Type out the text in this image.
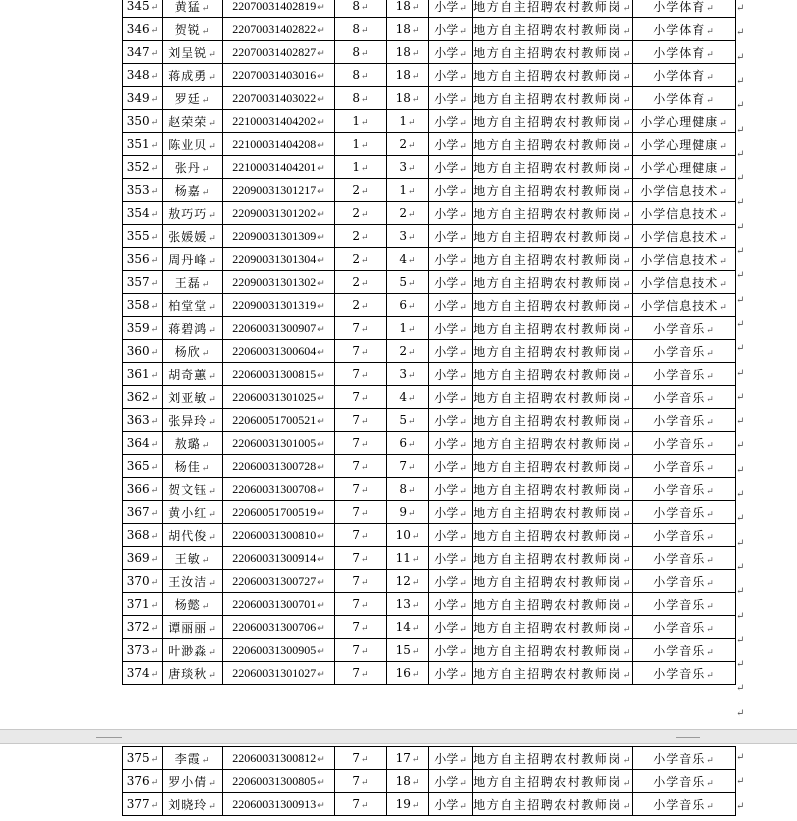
345↵	黄猛↵	22070031402819↵	8↵	18↵	小学↵	地方自主招聘农村教师岗↵	小学体育↵
346↵	贺锐↵	22070031402822↵	8↵	18↵	小学↵	地方自主招聘农村教师岗↵	小学体育↵
347↵	刘呈锐↵	22070031402827↵	8↵	18↵	小学↵	地方自主招聘农村教师岗↵	小学体育↵
348↵	蒋成勇↵	22070031403016↵	8↵	18↵	小学↵	地方自主招聘农村教师岗↵	小学体育↵
349↵	罗廷↵	22070031403022↵	8↵	18↵	小学↵	地方自主招聘农村教师岗↵	小学体育↵
350↵	赵荣荣↵	22100031404202↵	1↵	1↵	小学↵	地方自主招聘农村教师岗↵	小学心理健康↵
351↵	陈业贝↵	22100031404208↵	1↵	2↵	小学↵	地方自主招聘农村教师岗↵	小学心理健康↵
352↵	张丹↵	22100031404201↵	1↵	3↵	小学↵	地方自主招聘农村教师岗↵	小学心理健康↵
353↵	杨嘉↵	22090031301217↵	2↵	1↵	小学↵	地方自主招聘农村教师岗↵	小学信息技术↵
354↵	敖巧巧↵	22090031301202↵	2↵	2↵	小学↵	地方自主招聘农村教师岗↵	小学信息技术↵
355↵	张媛媛↵	22090031301309↵	2↵	3↵	小学↵	地方自主招聘农村教师岗↵	小学信息技术↵
356↵	周丹峰↵	22090031301304↵	2↵	4↵	小学↵	地方自主招聘农村教师岗↵	小学信息技术↵
357↵	王磊↵	22090031301302↵	2↵	5↵	小学↵	地方自主招聘农村教师岗↵	小学信息技术↵
358↵	柏堂堂↵	22090031301319↵	2↵	6↵	小学↵	地方自主招聘农村教师岗↵	小学信息技术↵
359↵	蒋碧鸿↵	22060031300907↵	7↵	1↵	小学↵	地方自主招聘农村教师岗↵	小学音乐↵
360↵	杨欣↵	22060031300604↵	7↵	2↵	小学↵	地方自主招聘农村教师岗↵	小学音乐↵
361↵	胡奇蕙↵	22060031300815↵	7↵	3↵	小学↵	地方自主招聘农村教师岗↵	小学音乐↵
362↵	刘亚敏↵	22060031301025↵	7↵	4↵	小学↵	地方自主招聘农村教师岗↵	小学音乐↵
363↵	张异玲↵	22060051700521↵	7↵	5↵	小学↵	地方自主招聘农村教师岗↵	小学音乐↵
364↵	敖璐↵	22060031301005↵	7↵	6↵	小学↵	地方自主招聘农村教师岗↵	小学音乐↵
365↵	杨佳↵	22060031300728↵	7↵	7↵	小学↵	地方自主招聘农村教师岗↵	小学音乐↵
366↵	贺文钰↵	22060031300708↵	7↵	8↵	小学↵	地方自主招聘农村教师岗↵	小学音乐↵
367↵	黄小红↵	22060051700519↵	7↵	9↵	小学↵	地方自主招聘农村教师岗↵	小学音乐↵
368↵	胡代俊↵	22060031300810↵	7↵	10↵	小学↵	地方自主招聘农村教师岗↵	小学音乐↵
369↵	王敏↵	22060031300914↵	7↵	11↵	小学↵	地方自主招聘农村教师岗↵	小学音乐↵
370↵	王汝洁↵	22060031300727↵	7↵	12↵	小学↵	地方自主招聘农村教师岗↵	小学音乐↵
371↵	杨懿↵	22060031300701↵	7↵	13↵	小学↵	地方自主招聘农村教师岗↵	小学音乐↵
372↵	谭丽丽↵	22060031300706↵	7↵	14↵	小学↵	地方自主招聘农村教师岗↵	小学音乐↵
373↵	叶渺淼↵	22060031300905↵	7↵	15↵	小学↵	地方自主招聘农村教师岗↵	小学音乐↵
374↵	唐琰秋↵	22060031301027↵	7↵	16↵	小学↵	地方自主招聘农村教师岗↵	小学音乐↵
375↵	李霞↵	22060031300812↵	7↵	17↵	小学↵	地方自主招聘农村教师岗↵	小学音乐↵
376↵	罗小倩↵	22060031300805↵	7↵	18↵	小学↵	地方自主招聘农村教师岗↵	小学音乐↵
377↵	刘晓玲↵	22060031300913↵	7↵	19↵	小学↵	地方自主招聘农村教师岗↵	小学音乐↵
↵
↵
↵
↵
↵
↵
↵
↵
↵
↵
↵
↵
↵
↵
↵
↵
↵
↵
↵
↵
↵
↵
↵
↵
↵
↵
↵
↵
↵
↵
↵
↵
↵
